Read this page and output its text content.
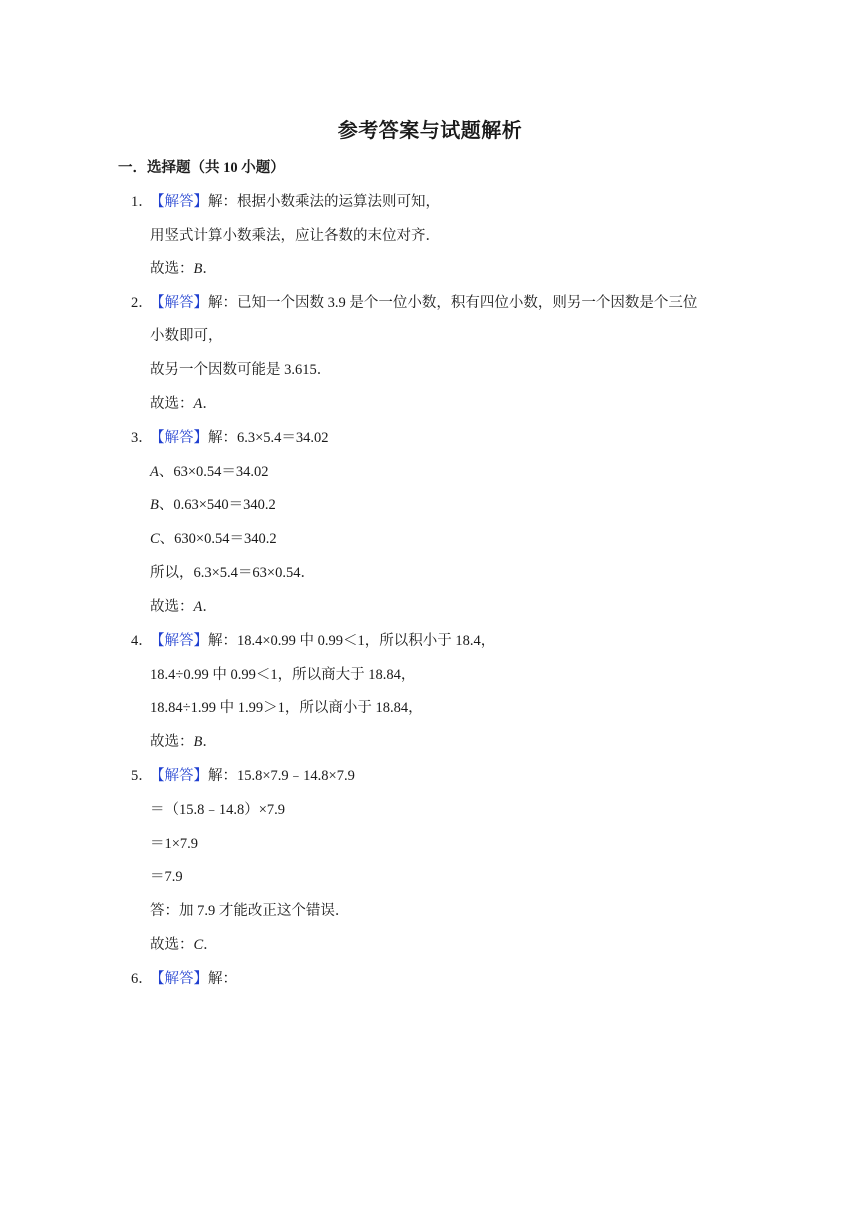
参考答案与试题解析
一．选择题（共 10 小题）
1．
【解答】解：根据小数乘法的运算法则可知，
用竖式计算小数乘法，应让各数的末位对齐．
故选：B．
2．
【解答】解：已知一个因数 3.9 是个一位小数，积有四位小数，则另一个因数是个三位
小数即可，
故另一个因数可能是 3.615．
故选：A．
3．
【解答】解：6.3×5.4＝34.02
A、63×0.54＝34.02
B、0.63×540＝340.2
C、630×0.54＝340.2
所以，6.3×5.4＝63×0.54．
故选：A．
4．
【解答】解：18.4×0.99 中 0.99＜1，所以积小于 18.4，
18.4÷0.99 中 0.99＜1，所以商大于 18.84，
18.84÷1.99 中 1.99＞1，所以商小于 18.84，
故选：B．
5．
【解答】解：15.8×7.9﹣14.8×7.9
＝（15.8﹣14.8）×7.9
＝1×7.9
＝7.9
答：加 7.9 才能改正这个错误．
故选：C．
6．
【解答】解：
